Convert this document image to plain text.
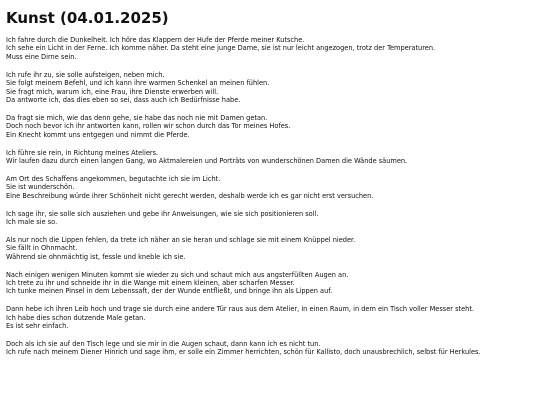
Kunst (04.01.2025)
Ich fahre durch die Dunkelheit. Ich höre das Klappern der Hufe der Pferde meiner Kutsche.
Ich sehe ein Licht in der Ferne. Ich komme näher. Da steht eine junge Dame, sie ist nur leicht angezogen, trotz der Temperaturen.
Muss eine Dirne sein.
Ich rufe ihr zu, sie solle aufsteigen, neben mich.
Sie folgt meinem Befehl, und ich kann ihre warmen Schenkel an meinen fühlen.
Sie fragt mich, warum ich, eine Frau, ihre Dienste erwerben will.
Da antworte ich, das dies eben so sei, dass auch ich Bedürfnisse habe.
Da fragt sie mich, wie das denn gehe, sie habe das noch nie mit Damen getan.
Doch noch bevor ich ihr antworten kann, rollen wir schon durch das Tor meines Hofes.
Ein Knecht kommt uns entgegen und nimmt die Pferde.
Ich führe sie rein, in Richtung meines Ateliers.
Wir laufen dazu durch einen langen Gang, wo Aktmalereien und Porträts von wunderschönen Damen die Wände säumen.
Am Ort des Schaffens angekommen, begutachte ich sie im Licht.
Sie ist wunderschön.
Eine Beschreibung würde ihrer Schönheit nicht gerecht werden, deshalb werde ich es gar nicht erst versuchen.
Ich sage ihr, sie solle sich ausziehen und gebe ihr Anweisungen, wie sie sich positionieren soll.
Ich male sie so.
Als nur noch die Lippen fehlen, da trete ich näher an sie heran und schlage sie mit einem Knüppel nieder.
Sie fällt in Ohnmacht.
Während sie ohnmächtig ist, fessle und kneble ich sie.
Nach einigen wenigen Minuten kommt sie wieder zu sich und schaut mich aus angsterfüllten Augen an.
Ich trete zu ihr und schneide ihr in die Wange mit einem kleinen, aber scharfen Messer.
Ich tunke meinen Pinsel in dem Lebenssaft, der der Wunde entfließt, und bringe ihn als Lippen auf.
Dann hebe ich ihren Leib hoch und trage sie durch eine andere Tür raus aus dem Atelier, in einen Raum, in dem ein Tisch voller Messer steht.
Ich habe dies schon dutzende Male getan.
Es ist sehr einfach.
Doch als ich sie auf den Tisch lege und sie mir in die Augen schaut, dann kann ich es nicht tun.
Ich rufe nach meinem Diener Hinrich und sage ihm, er solle ein Zimmer herrichten, schön für Kallisto, doch unausbrechlich, selbst für Herkules.
